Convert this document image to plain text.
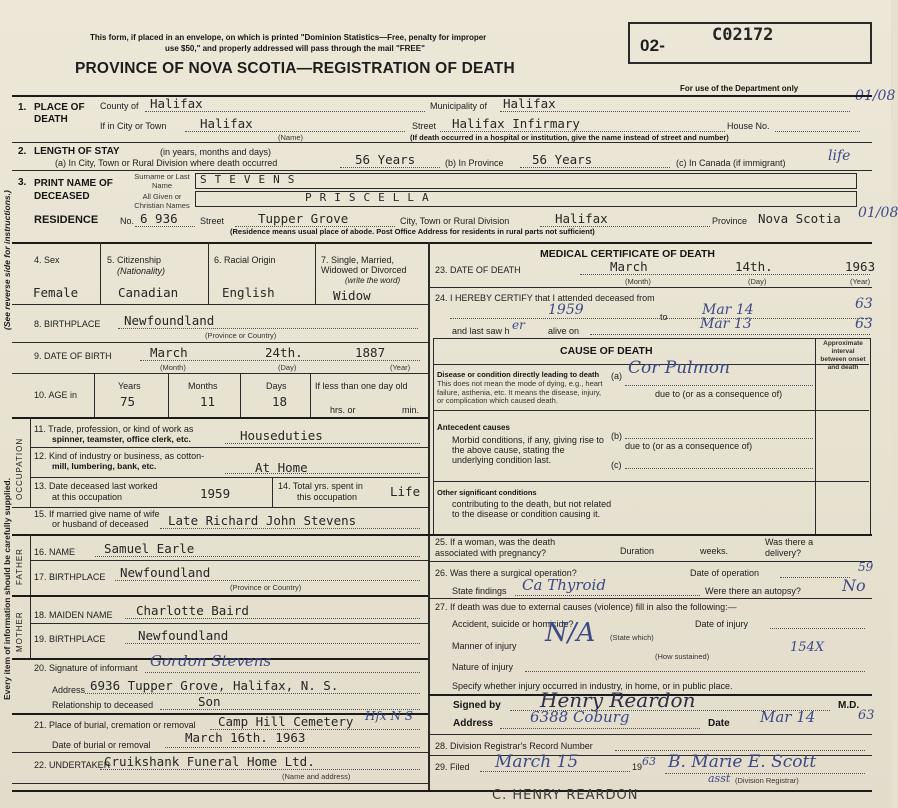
Every item of information should be carefully supplied.
(See reverse side for instructions.)
This form, if placed in an envelope, on which is printed "Dominion Statistics—Free, penalty for improper
use $50," and properly addressed will pass through the mail "FREE"	02-
C02172
PROVINCE OF NOVA SCOTIA—REGISTRATION OF DEATH
For use of the Department only	01/08
1. PLACE OF DEATH
County of Halifax	Municipality of Halifax
If in City or Town	Halifax
(Name)
Street Halifax Infirmary	House No.
(If death occurred in a hospital or institution, give the name instead of street and number)
2. LENGTH OF STAY	(in years, months and days)
(a) In City, Town or Rural Division where death occurred	56 Years	(b) In Province 56 Years	(c) In Canada (if immigrant)	life
3. PRINT NAME OF DECEASED
Surname or Last Name	STEVENS
All Given or Christian Names
PRISCELLA
RESIDENCE No. 6 936 Street	Tupper Grove	City, Town or Rural Division	Halifax	Province Nova Scotia
(Residence means usual place of abode. Post Office Address for residents in rural parts not sufficient)
01/08
4. Sex
Female
5. Citizenship
(Nationality)
Canadian
6. Racial Origin
English
7. Single, Married, Widowed or Divorced
(write the word)
Widow
8. BIRTHPLACE Newfoundland
(Province or Country)
9. DATE OF BIRTH	March	24th.	1887
(Month)	(Day)	(Year)
10. AGE in
Years
75
Months
11
Days
18
If less than one day old
hrs. or	min.
OCCUPATION
11. Trade, profession, or kind of work as
spinner, teamster, office clerk, etc.	Houseduties
12. Kind of industry or business, as cotton-
mill, lumbering, bank, etc.	At Home
13. Date deceased last worked
at this occupation	1959	14. Total yrs. spent in
this occupation	Life
15. If married give name of wife
or husband of deceased Late Richard John Stevens
FATHER 16. NAME Samuel Earle
17. BIRTHPLACE Newfoundland
(Province or Country)
MOTHER 18. MAIDEN NAME Charlotte Baird
19. BIRTHPLACE	Newfoundland
20. Signature of informant Gordon Stevens
Address 6936 Tupper Grove, Halifax, N. S.
Relationship to deceased	Son
21. Place of burial, cremation or removal Camp Hill Cemetery Hfx N S
Date of burial or removal	March 16th. 1963
22. UNDERTAKER
Cruikshank Funeral Home Ltd.
(Name and address)
MEDICAL CERTIFICATE OF DEATH
23. DATE OF DEATH	March	14th.	1963
(Month)	(Day)	(Year)
24. I HEREBY CERTIFY that I attended deceased from
1959	to Mar 14	63
and last saw h er	alive on	Mar 13	63
CAUSE OF DEATH
Approximate interval between onset and death
Disease or condition directly leading to death
This does not mean the mode of dying, e.g., heart failure, asthenia, etc. It means the disease, injury, or complication which caused death.
(a) Cor Pulmon
due to (or as a consequence of)
Antecedent causes
Morbid conditions, if any, giving rise to the above cause, stating the underlying condition last.
(b)
due to (or as a consequence of)
(c)
Other significant conditions
contributing to the death, but not related to the disease or condition causing it.
25. If a woman, was the death associated with pregnancy?	Duration	weeks.
Was there a delivery?
26. Was there a surgical operation?	Date of operation	59
State findings Ca Thyroid	Were there an autopsy?	No
27. If death was due to external causes (violence) fill in also the following:—
Accident, suicide or homicide?	Date of injury
N/A (State which)
Manner of injury	154X
(How sustained)
Nature of injury
Specify whether injury occurred in industry, in home, or in public place.
Signed by Henry Reardon	M.D.
Address 6388 Coburg	Date Mar 14	63
28. Division Registrar's Record Number
29. Filed March 15	19 63 B. Marie E. Scott
asst (Division Registrar)
C. HENRY REARDON
